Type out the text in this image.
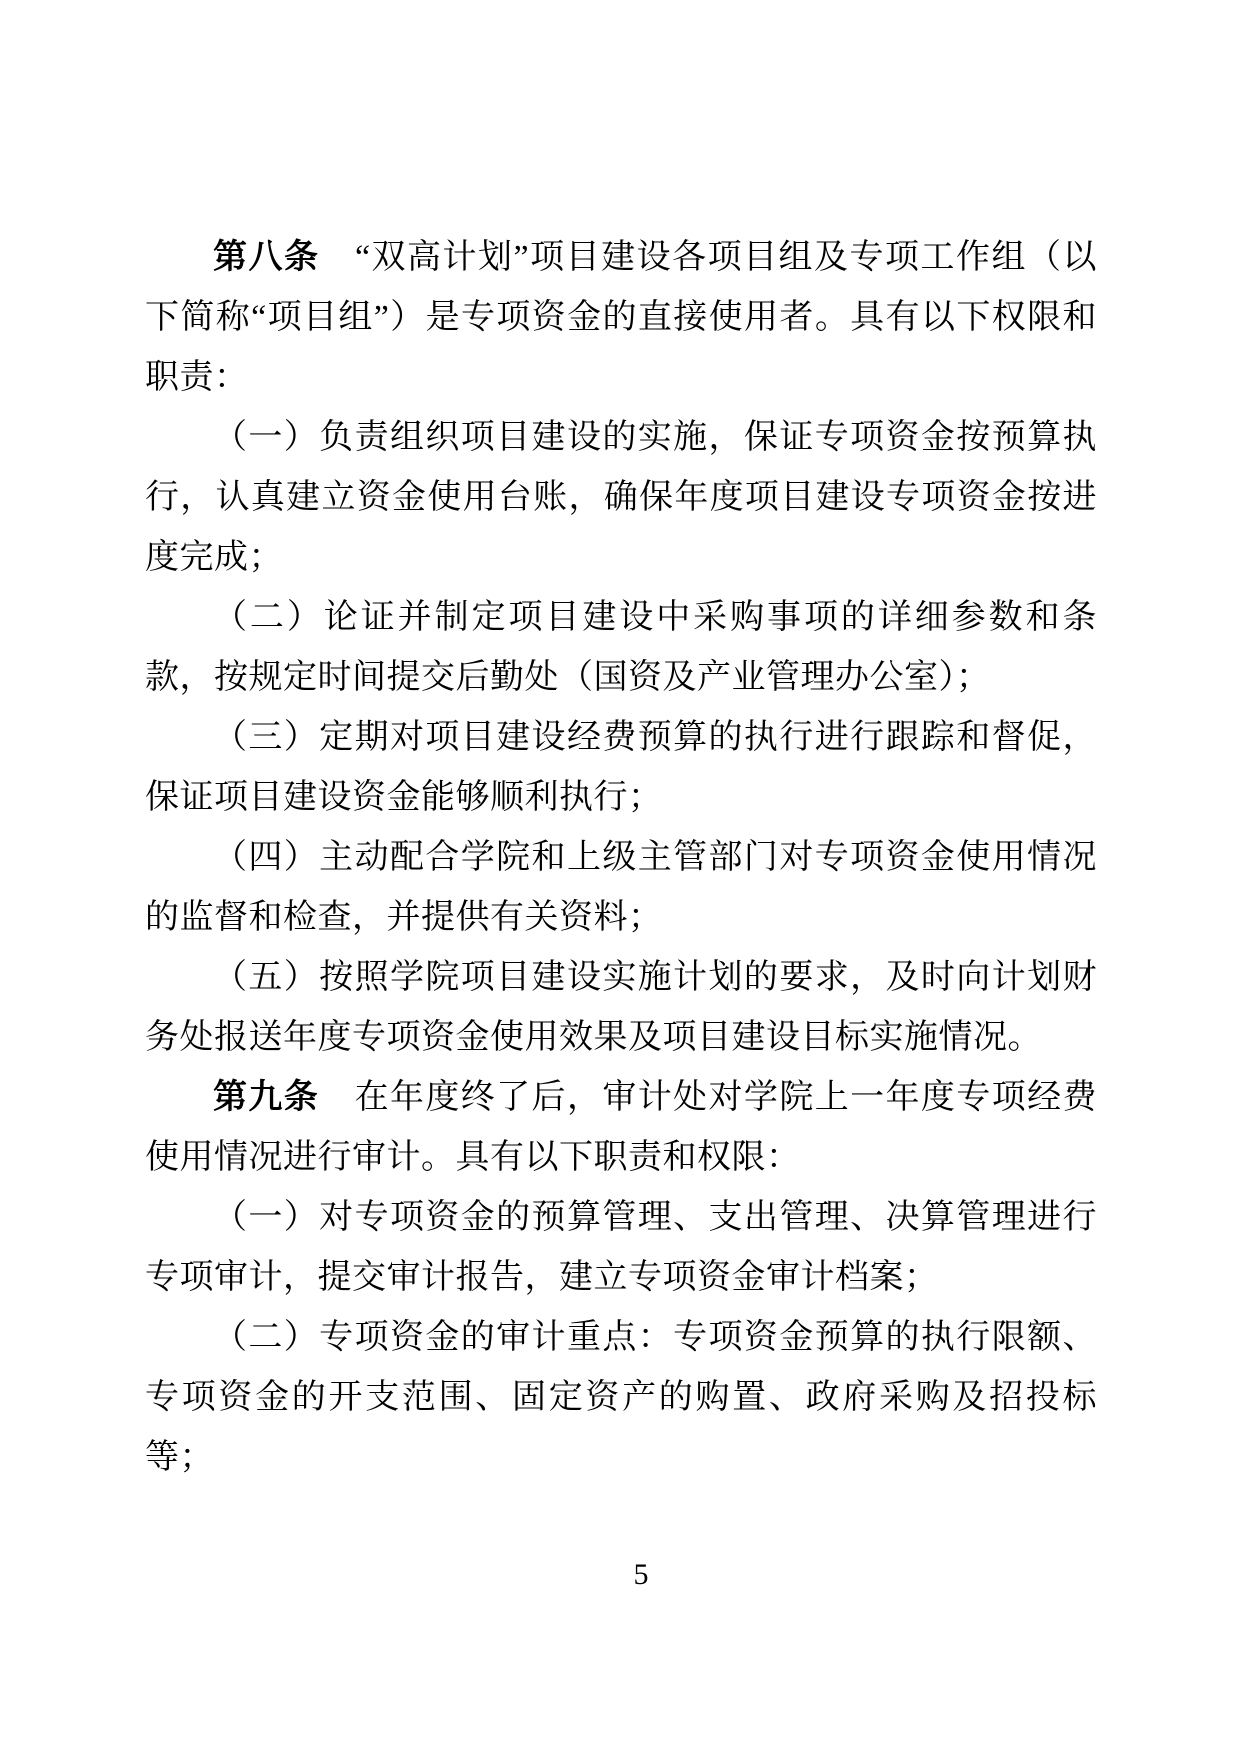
第八条　“双高计划”项目建设各项目组及专项工作组（以下简称“项目组”）是专项资金的直接使用者。具有以下权限和职责：

（一）负责组织项目建设的实施，保证专项资金按预算执行，认真建立资金使用台账，确保年度项目建设专项资金按进度完成；

（二）论证并制定项目建设中采购事项的详细参数和条款，按规定时间提交后勤处（国资及产业管理办公室）；

（三）定期对项目建设经费预算的执行进行跟踪和督促，保证项目建设资金能够顺利执行；

（四）主动配合学院和上级主管部门对专项资金使用情况的监督和检查，并提供有关资料；

（五）按照学院项目建设实施计划的要求，及时向计划财务处报送年度专项资金使用效果及项目建设目标实施情况。

第九条　在年度终了后，审计处对学院上一年度专项经费使用情况进行审计。具有以下职责和权限：

（一）对专项资金的预算管理、支出管理、决算管理进行专项审计，提交审计报告，建立专项资金审计档案；

（二）专项资金的审计重点：专项资金预算的执行限额、专项资金的开支范围、固定资产的购置、政府采购及招投标等；

5
